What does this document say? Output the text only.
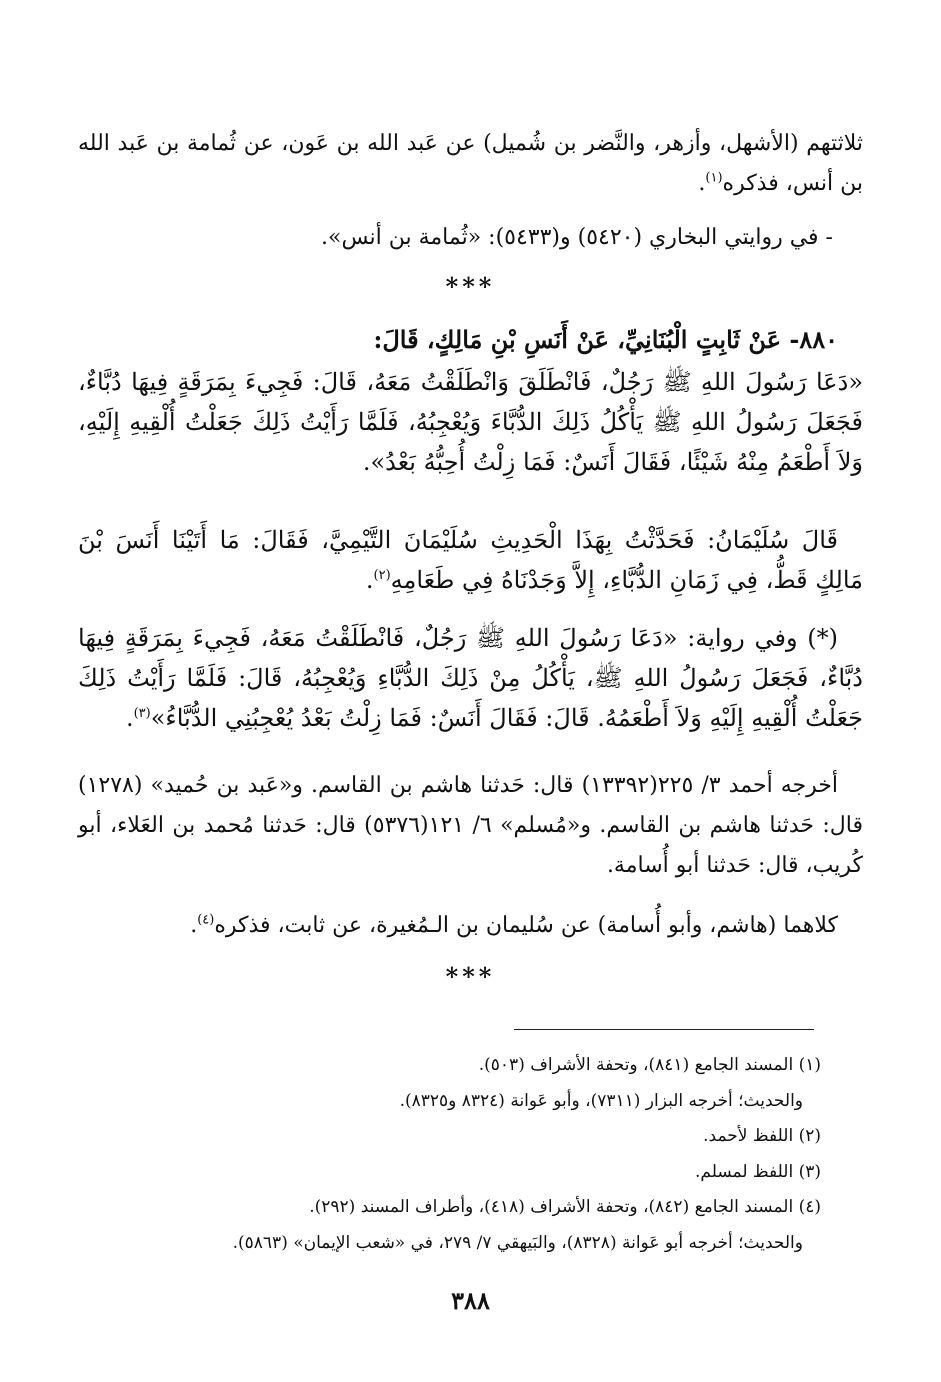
ثلاثتهم (الأشهل، وأزهر، والنَّضر بن شُميل) عن عَبد الله بن عَون، عن ثُمامة بن عَبد الله بن أنس، فذكره$^{(١)}$.

- في روايتي البخاري (٥٤٢٠) و(٥٤٣٣): «ثُمامة بن أنس».

***

٨٨٠- عَنْ ثَابِتٍ الْبُنَانِيِّ، عَنْ أَنَسِ بْنِ مَالِكٍ، قَالَ:

«دَعَا رَسُولَ اللهِ ﷺ رَجُلٌ، فَانْطَلَقَ وَانْطَلَقْتُ مَعَهُ، قَالَ: فَجِيءَ بِمَرَقَةٍ فِيهَا دُبَّاءٌ، فَجَعَلَ رَسُولُ اللهِ ﷺ يَأْكُلُ ذَلِكَ الدُّبَّاءَ وَيُعْجِبُهُ، فَلَمَّا رَأَيْتُ ذَلِكَ جَعَلْتُ أُلْقِيهِ إِلَيْهِ، وَلاَ أَطْعَمُ مِنْهُ شَيْئًا، فَقَالَ أَنَسٌ: فَمَا زِلْتُ أُحِبُّهُ بَعْدُ».

قَالَ سُلَيْمَانُ: فَحَدَّثْتُ بِهَذَا الْحَدِيثِ سُلَيْمَانَ التَّيْمِيَّ، فَقَالَ: مَا أَتَيْنَا أَنَسَ بْنَ مَالِكٍ قَطُّ، فِي زَمَانِ الدُّبَّاءِ، إِلاَّ وَجَدْنَاهُ فِي طَعَامِهِ$^{(٢)}$.

(*) وفي رواية: «دَعَا رَسُولَ اللهِ ﷺ رَجُلٌ، فَانْطَلَقْتُ مَعَهُ، فَجِيءَ بِمَرَقَةٍ فِيهَا دُبَّاءٌ، فَجَعَلَ رَسُولُ اللهِ ﷺ، يَأْكُلُ مِنْ ذَلِكَ الدُّبَّاءِ وَيُعْجِبُهُ، قَالَ: فَلَمَّا رَأَيْتُ ذَلِكَ جَعَلْتُ أُلْقِيهِ إِلَيْهِ وَلاَ أَطْعَمُهُ. قَالَ: فَقَالَ أَنَسٌ: فَمَا زِلْتُ بَعْدُ يُعْجِبُنِي الدُّبَّاءُ»$^{(٣)}$.

أخرجه أحمد ٣/ ٢٢٥(١٣٣٩٢) قال: حَدثنا هاشم بن القاسم. و«عَبد بن حُميد» (١٢٧٨) قال: حَدثنا هاشم بن القاسم. و«مُسلم» ٦/ ١٢١(٥٣٧٦) قال: حَدثنا مُحمد بن العَلاء، أبو كُريب، قال: حَدثنا أبو أُسامة.

كلاهما (هاشم، وأبو أُسامة) عن سُليمان بن الـمُغيرة، عن ثابت، فذكره$^{(٤)}$.

***
(١) المسند الجامع (٨٤١)، وتحفة الأشراف (٥٠٣).
والحديث؛ أخرجه البزار (٧٣١١)، وأبو عَوانة (٨٣٢٤ و٨٣٢٥).
(٢) اللفظ لأحمد.
(٣) اللفظ لمسلم.
(٤) المسند الجامع (٨٤٢)، وتحفة الأشراف (٤١٨)، وأطراف المسند (٢٩٢).
والحديث؛ أخرجه أبو عَوانة (٨٣٢٨)، والبَيهقي ٧/ ٢٧٩، في «شعب الإيمان» (٥٨٦٣).
٣٨٨
